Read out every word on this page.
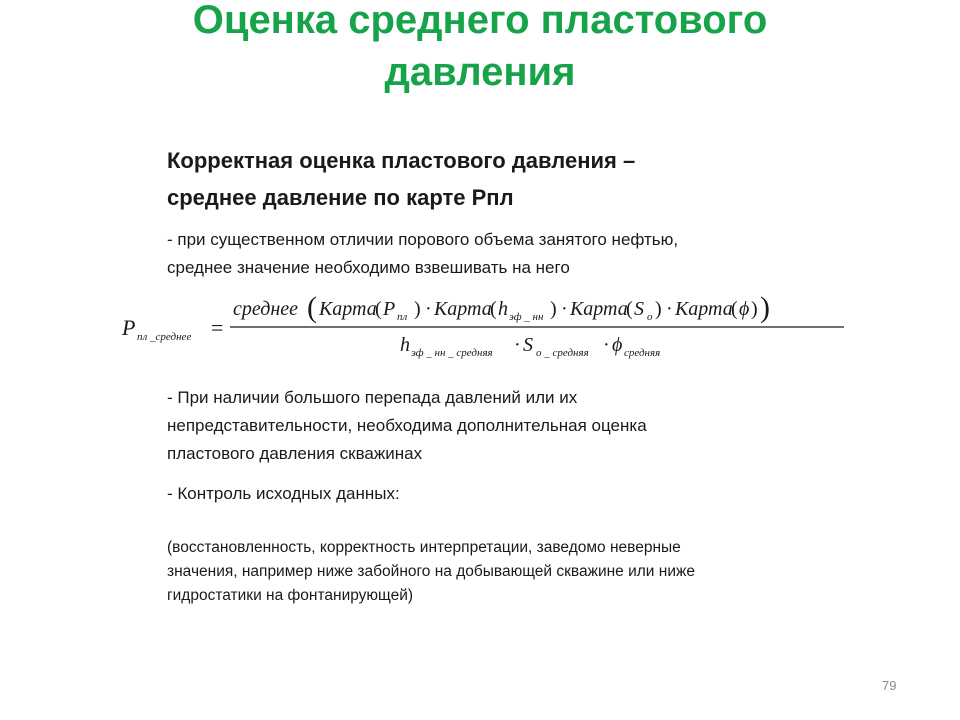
Оценка среднего пластового
давления
Корректная оценка пластового давления –
среднее давление по карте Рпл
- при существенном отличии порового объема занятого нефтью,
среднее значение необходимо взвешивать на него
P пл _среднее =
среднее ( Карта
( P пл ) · Карта
( h эф _ нн ) · Карта
( S o ) · Карта
( ϕ ) )
h эф _ нн _ средняя · S o _ средняя · ϕ средняя
- При наличии большого перепада давлений или их
непредставительности, необходима дополнительная оценка
пластового давления скважинах
- Контроль исходных данных:
(восстановленность, корректность интерпретации, заведомо неверные
значения, например ниже забойного на добывающей скважине или ниже
гидростатики на фонтанирующей)
79
